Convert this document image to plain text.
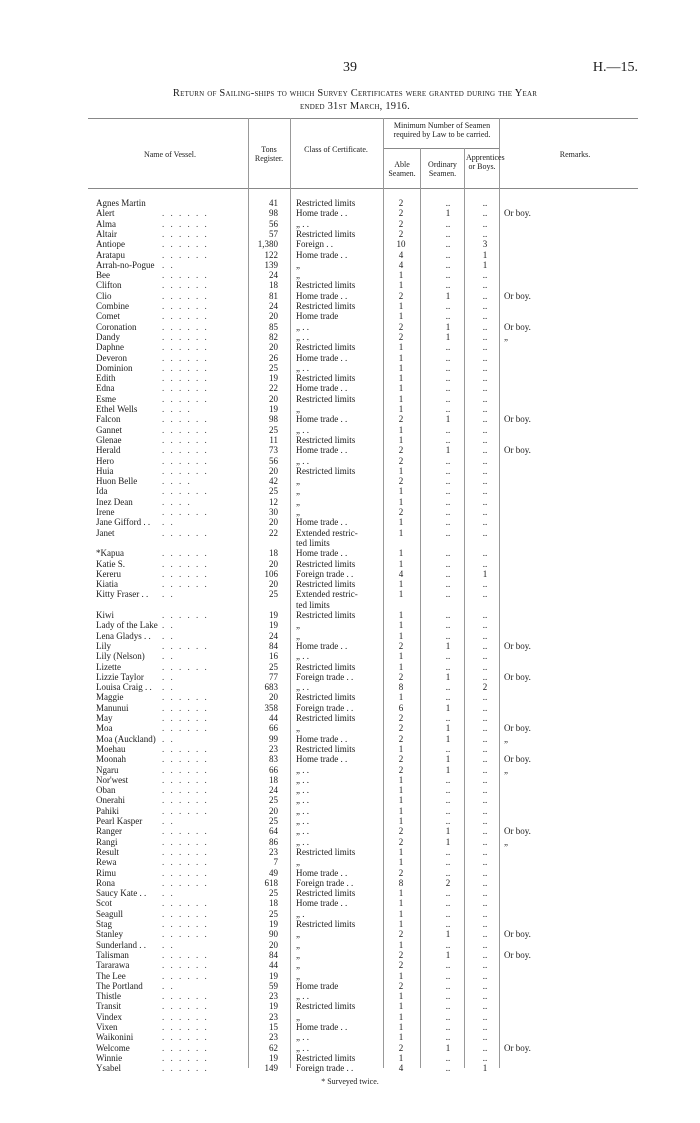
39	H.—15.
Return of Sailing-ships to which Survey Certificates were granted during the Year
ended 31st March, 1916.
Name of Vessel.
Tons Register.
Class of Certificate.
Minimum Number of Seamen required by Law to be carried.
Able Seamen.
Ordinary Seamen.
Apprentices or Boys.
Remarks.
Agnes Martin	41 Restricted limits	2	..	..
Alert	. . . . . .	98 Home trade . .	2	1	..	Or boy.
Alma	. . . . . .	56 „ . .	2	..	..
Altair	. . . . . .	57 Restricted limits	2	..	..
Antiope	. . . . . .	1,380 Foreign . .	10	..	3
Aratapu	. . . . . .	122 Home trade . .	4	..	1
Arrah-no-Pogue . .	139 „	4	..	1
Bee	. . . . . .	24 „	1	..	..
Clifton	. . . . . .	18 Restricted limits	1	..	..
Clio	. . . . . .	81 Home trade . .	2	1	..	Or boy.
Combine	. . . . . .	24 Restricted limits	1	..	..
Comet	. . . . . .	20 Home trade	1	..	..
Coronation	. . . . . .	85 „ . .	2	1	..	Or boy.
Dandy	. . . . . .	82 „ . .	2	1	..	„
Daphne	. . . . . .	20 Restricted limits	1	..	..
Deveron	. . . . . .	26 Home trade . .	1	..	..
Dominion	. . . . . .	25 „ . .	1	..	..
Edith	. . . . . .	19 Restricted limits	1	..	..
Edna	. . . . . .	22 Home trade . .	1	..	..
Esme	. . . . . .	20 Restricted limits	1	..	..
Ethel Wells	. . . .	19 „	1	..	..
Falcon	. . . . . .	98 Home trade . .	2	1	..	Or boy.
Gannet	. . . . . .	25 „ . .	1	..	..
Glenae	. . . . . .	11 Restricted limits	1	..	..
Herald	. . . . . .	73 Home trade . .	2	1	..	Or boy.
Hero	. . . . . .	56 „ . .	2	..	..
Huia	. . . . . .	20 Restricted limits	1	..	..
Huon Belle	. . . .	42 „	2	..	..
Ida	. . . . . .	25 „	1	..	..
Inez Dean	. . . .	12 „	1	..	..
Irene	. . . . . .	30 „	2	..	..
Jane Gifford . . . .	20 Home trade . .	1	..	..
Janet	. . . . . .	22 Extended restric-	1	..	..
ted limits
*Kapua	. . . . . .	18 Home trade . .	1	..	..
Katie S.	. . . . . .	20 Restricted limits	1	..	..
Kereru	. . . . . .	106 Foreign trade . .	4	..	1
Kiatia	. . . . . .	20 Restricted limits	1	..	..
Kitty Fraser . . . .	25 Extended restric-	1	..	..
ted limits
Kiwi	. . . . . .	19 Restricted limits	1	..	..
Lady of the Lake . .	19 „	1	..	..
Lena Gladys . . . .	24 „	1	..	..
Lily	. . . . . .	84 Home trade . .	2	1	..	Or boy.
Lily (Nelson) . .	16 „ . .	1	..	..
Lizette	. . . . . .	25 Restricted limits	1	..	..
Lizzie Taylor . .	77 Foreign trade . .	2	1	..	Or boy.
Louisa Craig . . . .	683 „ . .	8	..	2
Maggie	. . . . . .	20 Restricted limits	1	..	..
Manunui	. . . . . .	358 Foreign trade . .	6	1	..
May	. . . . . .	44 Restricted limits	2	..	..
Moa	. . . . . .	66 „	2	1	..	Or boy.
Moa (Auckland) . .	99 Home trade . .	2	1	..	„
Moehau	. . . . . .	23 Restricted limits	1	..	..
Moonah	. . . . . .	83 Home trade . .	2	1	..	Or boy.
Ngaru	. . . . . .	66 „ . .	2	1	..	„
Nor'west	. . . . . .	18 „ . .	1	..	..
Oban	. . . . . .	24 „ . .	1	..	..
Onerahi	. . . . . .	25 „ . .	1	..	..
Pahiki	. . . . . .	20 „ . .	1	..	..
Pearl Kasper . .	25 „ . .	1	..	..
Ranger	. . . . . .	64 „ . .	2	1	..	Or boy.
Rangi	. . . . . .	86 „ . .	2	1	..	„
Result	. . . . . .	23 Restricted limits	1	..	..
Rewa	. . . . . .	7 „	1	..	..
Rimu	. . . . . .	49 Home trade . .	2	..	..
Rona	. . . . . .	618 Foreign trade . .	8	2	..
Saucy Kate . . . .	25 Restricted limits	1	..	..
Scot	. . . . . .	18 Home trade . .	1	..	..
Seagull	. . . . . .	25 „ .	1	..	..
Stag	. . . . . .	19 Restricted limits	1	..	..
Stanley	. . . . . .	90 „	2	1	..	Or boy.
Sunderland . . . .	20 „	1	..	..
Talisman	. . . . . .	84 „	2	1	..	Or boy.
Tararawa	. . . . . .	44 „	2	..	..
The Lee	. . . . . .	19 „	1	..	..
The Portland . .	59 Home trade	2	..	..
Thistle	. . . . . .	23 „ . .	1	..	..
Transit	. . . . . .	19 Restricted limits	1	..	..
Vindex	. . . . . .	23 „	1	..	..
Vixen	. . . . . .	15 Home trade . .	1	..	..
Waikonini	. . . . . .	23 „ . .	1	..	..
Welcome	. . . . . .	62 „ . .	2	1	..	Or boy.
Winnie	. . . . . .	19 Restricted limits	1	..	..
Ysabel	. . . . . .	149 Foreign trade . .	4	..	1
* Surveyed twice.
